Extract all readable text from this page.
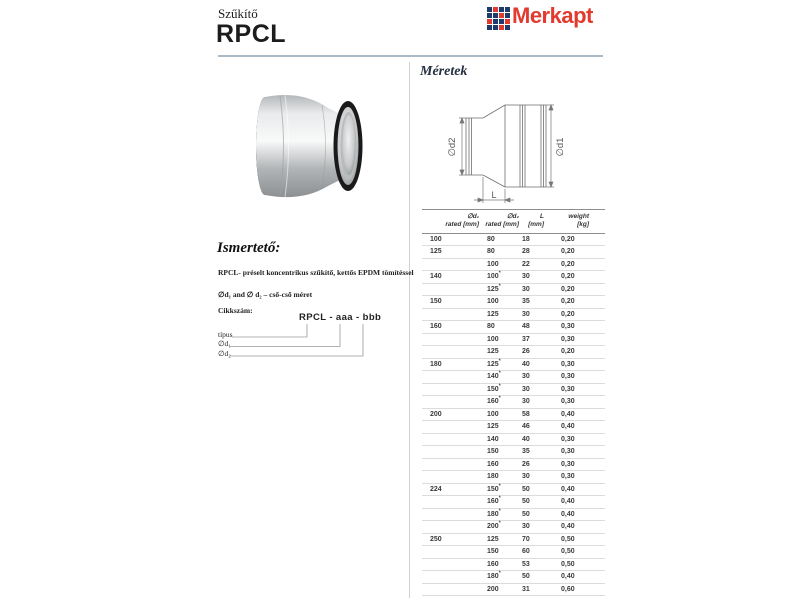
Szűkítő
RPCL
Merkapt
Ismertető:
RPCL- préselt koncentrikus szűkítő, kettős EPDM tömítéssel
∅d₁ and ∅ d₂ – cső-cső méret
Cikkszám:
RPCL - aaa - bbb
típus
∅d₁
∅d₂
Méretek
∅d2	∅d1
L
∅d₁
rated [mm]	∅d₂
rated [mm]	L
[mm]	weight
[kg]

100	80	18	0,20
125	80	28	0,20
	100	22	0,20
140	100*	30	0,20
	125*	30	0,20
150	100	35	0,20
	125	30	0,20
160	80	48	0,30
	100	37	0,30
	125	26	0,20
180	125*	40	0,30
	140*	30	0,30
	150*	30	0,30
	160*	30	0,30
200	100	58	0,40
	125	46	0,40
	140	40	0,30
	150	35	0,30
	160	26	0,30
	180	30	0,30
224	150*	50	0,40
	160*	50	0,40
	180*	50	0,40
	200*	30	0,40
250	125	70	0,50
	150	60	0,50
	160	53	0,50
	180*	50	0,40
	200	31	0,60
